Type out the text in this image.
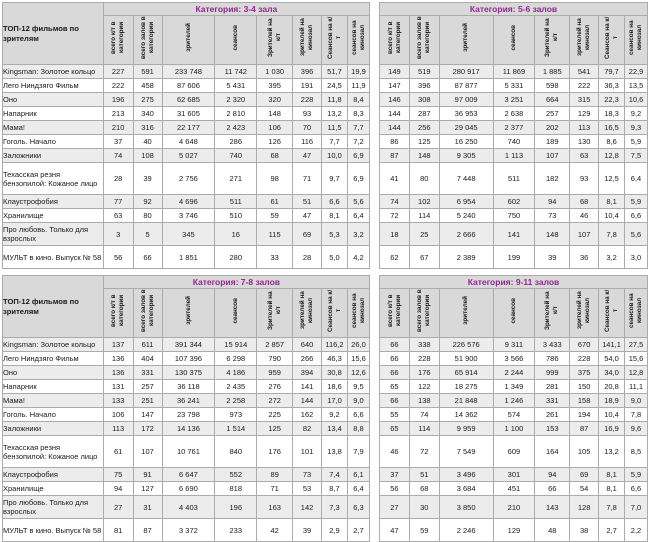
ТОП-12 фильмов по зрителям	Категория: 3-4 зала							
	всего к/т в категории	всего залов в категории	зрителей	сеансов	Зрителей на к/т	зрителей на кинозал	Сеансов на к/т	сеансов на кинозал
Kingsman: Золотое кольцо	227	591	233 748	11 742	1 030	396	51,7	19,9
Лего Ниндзяго Фильм	222	458	87 606	5 431	395	191	24,5	11,9
Оно	196	275	62 685	2 320	320	228	11,8	8,4
Напарник	213	340	31 605	2 810	148	93	13,2	8,3
Мама!	210	316	22 177	2 423	106	70	11,5	7,7
Гоголь. Начало	37	40	4 648	286	126	116	7,7	7,2
Заложники	74	108	5 027	740	68	47	10,0	6,9
Техасская резня бензопилой: Кожаное лицо	28	39	2 756	271	98	71	9,7	6,9
Клаустрофобия	77	92	4 696	511	61	51	6,6	5,6
Хранилище	63	80	3 746	510	59	47	8,1	6,4
Про любовь. Только для взрослых	3	5	345	16	115	69	5,3	3,2
МУЛЬТ в кино. Выпуск № 58	56	66	1 851	280	33	28	5,0	4,2
Категория: 5-6 залов							
всего к/т в категории	всего залов в категории	зрителей	сеансов	Зрителей на к/т	зрителей на кинозал	Сеансов на к/т	сеансов на кинозал
149	519	280 917	11 869	1 885	541	79,7	22,9
147	396	87 877	5 331	598	222	36,3	13,5
146	308	97 009	3 251	664	315	22,3	10,6
144	287	36 953	2 638	257	129	18,3	9,2
144	256	29 045	2 377	202	113	16,5	9,3
86	125	16 250	740	189	130	8,6	5,9
87	148	9 305	1 113	107	63	12,8	7,5
41	80	7 448	511	182	93	12,5	6,4
74	102	6 954	602	94	68	8,1	5,9
72	114	5 240	750	73	46	10,4	6,6
18	25	2 666	141	148	107	7,8	5,6
62	67	2 389	199	39	36	3,2	3,0
ТОП-12 фильмов по зрителям	Категория: 7-8 залов							
	всего к/т в категории	всего залов в категории	зрителей	сеансов	Зрителей на к/т	зрителей на кинозал	Сеансов на к/т	сеансов на кинозал
Kingsman: Золотое кольцо	137	611	391 344	15 914	2 857	640	116,2	26,0
Лего Ниндзяго Фильм	136	404	107 396	6 298	790	266	46,3	15,6
Оно	136	331	130 375	4 186	959	394	30,8	12,6
Напарник	131	257	36 118	2 435	276	141	18,6	9,5
Мама!	133	251	36 241	2 258	272	144	17,0	9,0
Гоголь. Начало	106	147	23 798	973	225	162	9,2	6,6
Заложники	113	172	14 136	1 514	125	82	13,4	8,8
Техасская резня бензопилой: Кожаное лицо	61	107	10 761	840	176	101	13,8	7,9
Клаустрофобия	75	91	6 647	552	89	73	7,4	6,1
Хранилище	94	127	6 690	818	71	53	8,7	6,4
Про любовь. Только для взрослых	27	31	4 403	196	163	142	7,3	6,3
МУЛЬТ в кино. Выпуск № 58	81	87	3 372	233	42	39	2,9	2,7
Категория: 9-11 залов							
всего к/т в категории	всего залов в категории	зрителей	сеансов	Зрителей на к/т	зрителей на кинозал	Сеансов на к/т	сеансов на кинозал
66	338	226 576	9 311	3 433	670	141,1	27,5
66	228	51 900	3 566	786	228	54,0	15,6
66	176	65 914	2 244	999	375	34,0	12,8
65	122	18 275	1 349	281	150	20,8	11,1
66	138	21 848	1 246	331	158	18,9	9,0
55	74	14 362	574	261	194	10,4	7,8
65	114	9 959	1 100	153	87	16,9	9,6
46	72	7 549	609	164	105	13,2	8,5
37	51	3 496	301	94	69	8,1	5,9
56	68	3 684	451	66	54	8,1	6,6
27	30	3 850	210	143	128	7,8	7,0
47	59	2 246	129	48	38	2,7	2,2
